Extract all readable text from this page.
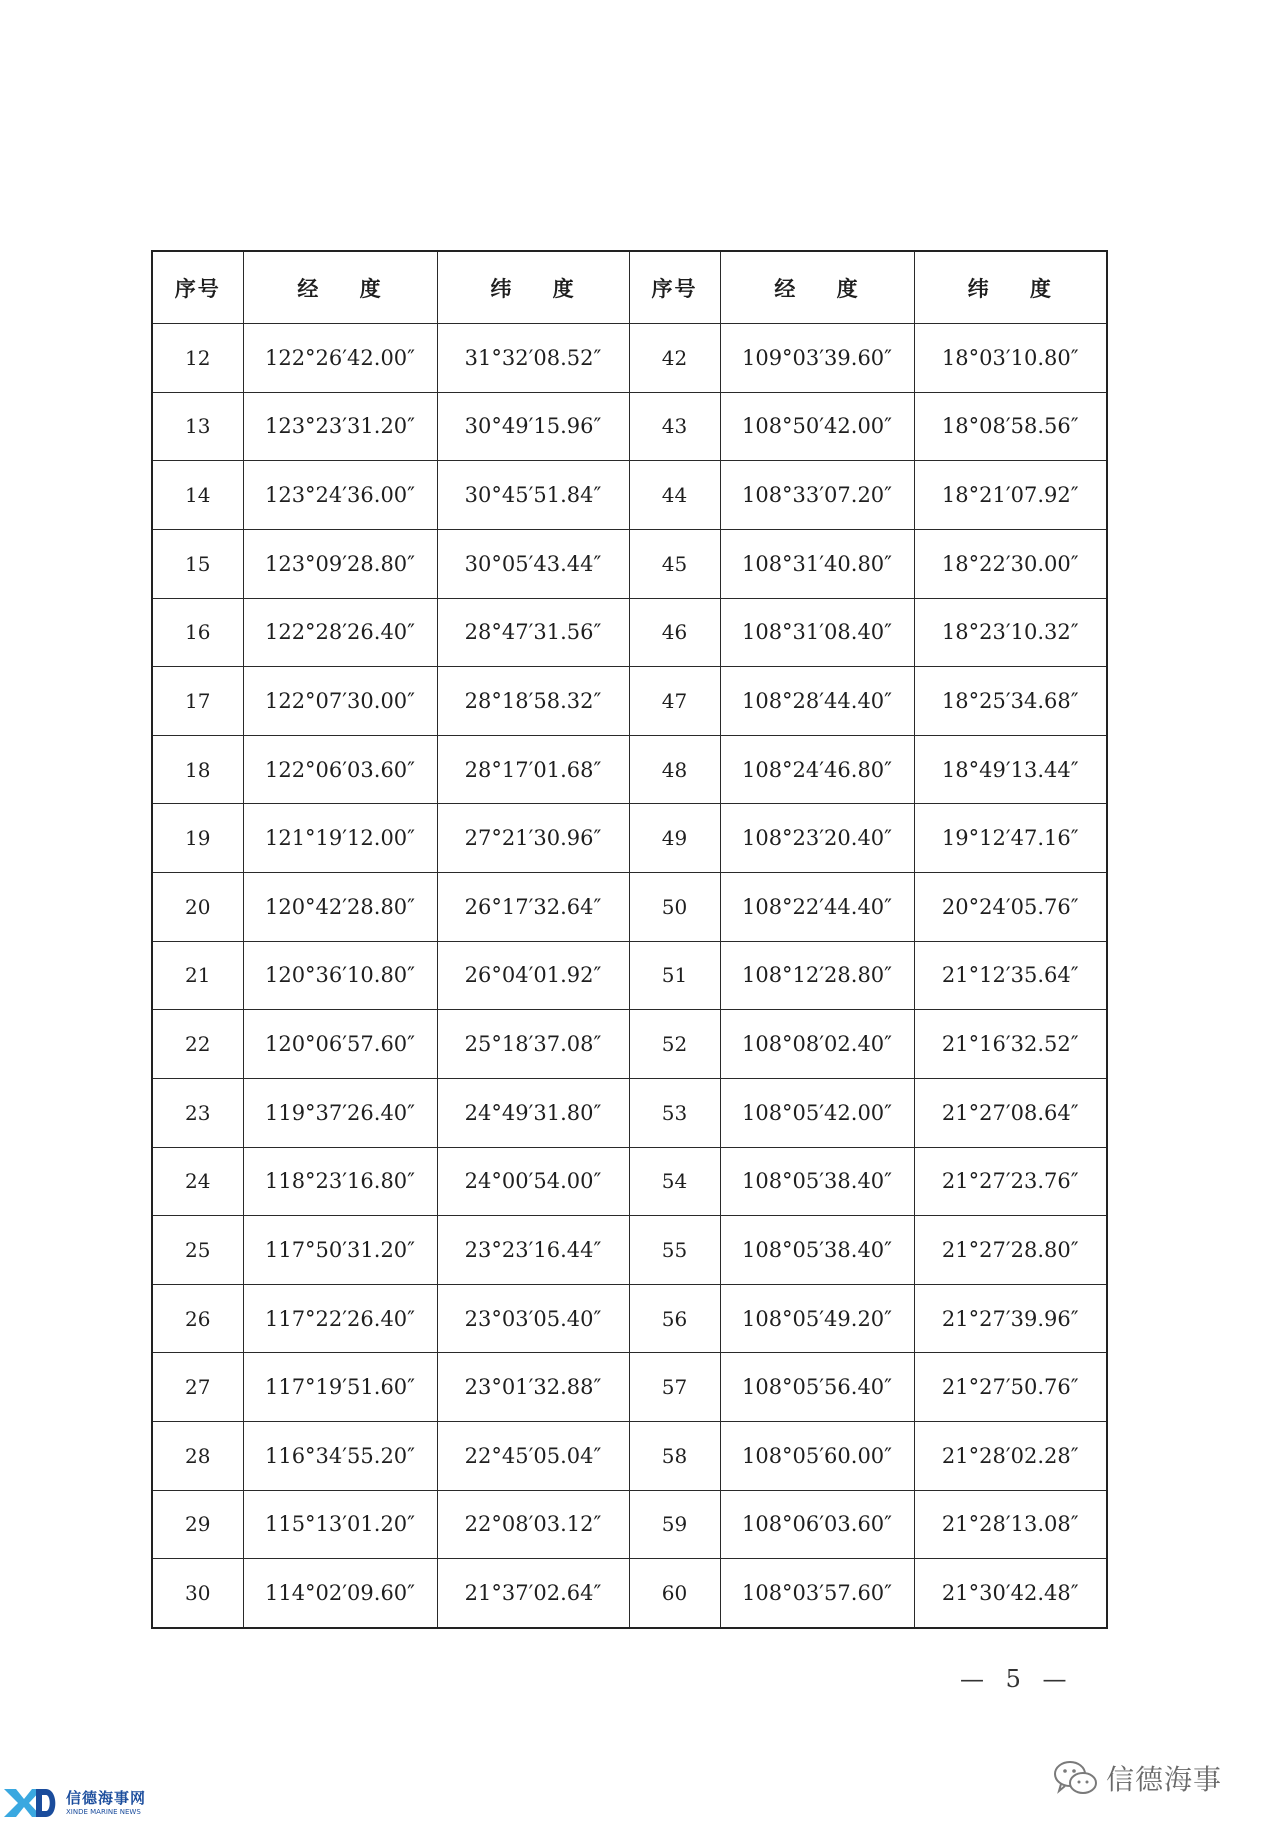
序号	经 度	纬 度	序号	经 度	纬 度
12	122°26′42.00″	31°32′08.52″	42	109°03′39.60″	18°03′10.80″
13	123°23′31.20″	30°49′15.96″	43	108°50′42.00″	18°08′58.56″
14	123°24′36.00″	30°45′51.84″	44	108°33′07.20″	18°21′07.92″
15	123°09′28.80″	30°05′43.44″	45	108°31′40.80″	18°22′30.00″
16	122°28′26.40″	28°47′31.56″	46	108°31′08.40″	18°23′10.32″
17	122°07′30.00″	28°18′58.32″	47	108°28′44.40″	18°25′34.68″
18	122°06′03.60″	28°17′01.68″	48	108°24′46.80″	18°49′13.44″
19	121°19′12.00″	27°21′30.96″	49	108°23′20.40″	19°12′47.16″
20	120°42′28.80″	26°17′32.64″	50	108°22′44.40″	20°24′05.76″
21	120°36′10.80″	26°04′01.92″	51	108°12′28.80″	21°12′35.64″
22	120°06′57.60″	25°18′37.08″	52	108°08′02.40″	21°16′32.52″
23	119°37′26.40″	24°49′31.80″	53	108°05′42.00″	21°27′08.64″
24	118°23′16.80″	24°00′54.00″	54	108°05′38.40″	21°27′23.76″
25	117°50′31.20″	23°23′16.44″	55	108°05′38.40″	21°27′28.80″
26	117°22′26.40″	23°03′05.40″	56	108°05′49.20″	21°27′39.96″
27	117°19′51.60″	23°01′32.88″	57	108°05′56.40″	21°27′50.76″
28	116°34′55.20″	22°45′05.04″	58	108°05′60.00″	21°28′02.28″
29	115°13′01.20″	22°08′03.12″	59	108°06′03.60″	21°28′13.08″
30	114°02′09.60″	21°37′02.64″	60	108°03′57.60″	21°30′42.48″
— 5 —
信德海事网
XINDE MARINE NEWS
信德海事
